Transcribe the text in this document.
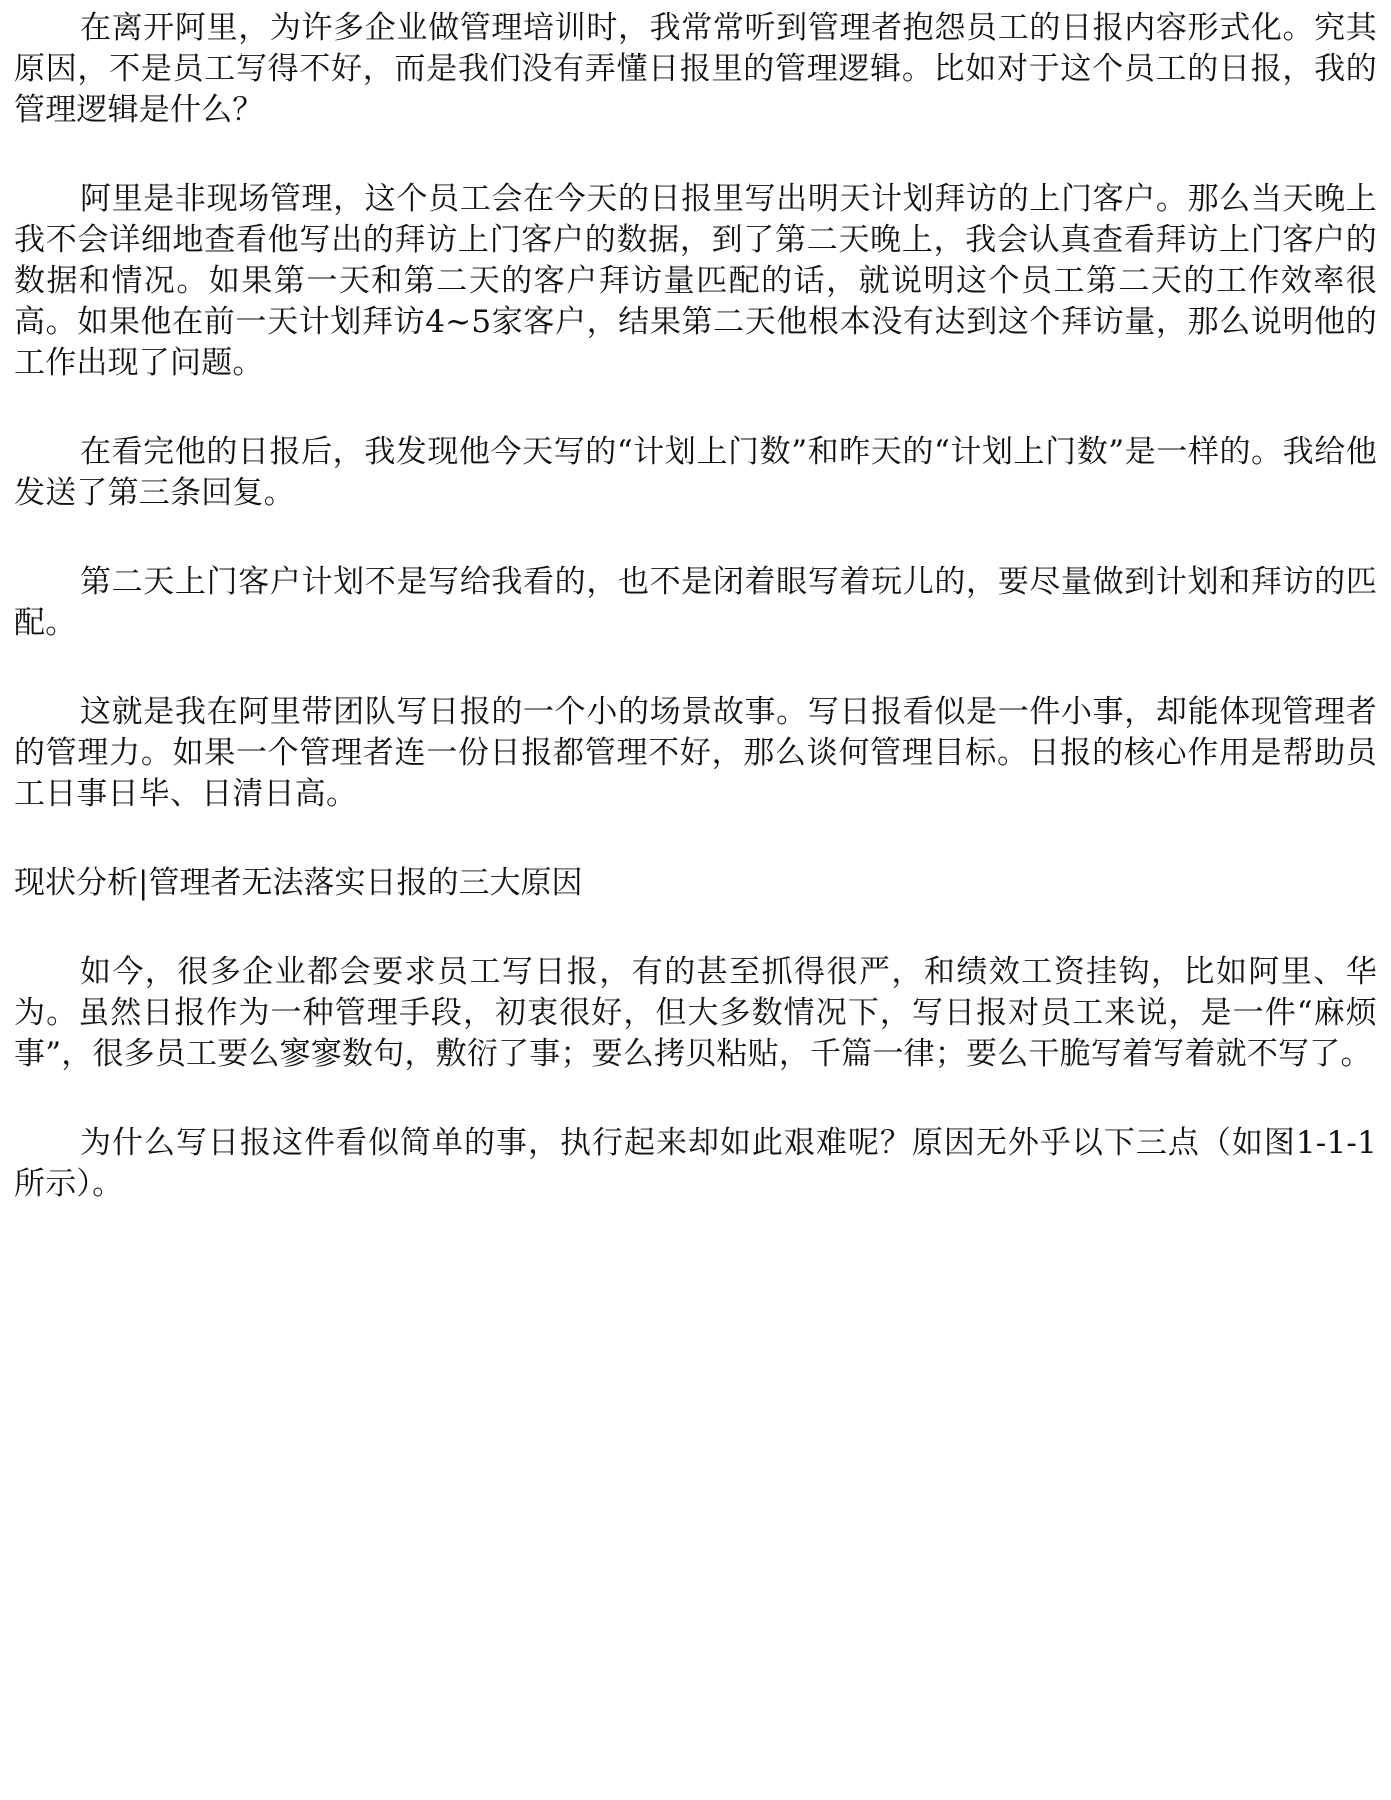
在离开阿里，为许多企业做管理培训时，我常常听到管理者抱怨员工的日报内容形式化。究其原因，不是员工写得不好，而是我们没有弄懂日报里的管理逻辑。比如对于这个员工的日报，我的管理逻辑是什么？

阿里是非现场管理，这个员工会在今天的日报里写出明天计划拜访的上门客户。那么当天晚上我不会详细地查看他写出的拜访上门客户的数据，到了第二天晚上，我会认真查看拜访上门客户的数据和情况。如果第一天和第二天的客户拜访量匹配的话，就说明这个员工第二天的工作效率很高。如果他在前一天计划拜访4~5家客户，结果第二天他根本没有达到这个拜访量，那么说明他的工作出现了问题。

在看完他的日报后，我发现他今天写的“计划上门数”和昨天的“计划上门数”是一样的。我给他发送了第三条回复。

第二天上门客户计划不是写给我看的，也不是闭着眼写着玩儿的，要尽量做到计划和拜访的匹配。

这就是我在阿里带团队写日报的一个小的场景故事。写日报看似是一件小事，却能体现管理者的管理力。如果一个管理者连一份日报都管理不好，那么谈何管理目标。日报的核心作用是帮助员工日事日毕、日清日高。

现状分析|管理者无法落实日报的三大原因

如今，很多企业都会要求员工写日报，有的甚至抓得很严，和绩效工资挂钩，比如阿里、华为。虽然日报作为一种管理手段，初衷很好，但大多数情况下，写日报对员工来说，是一件“麻烦事”，很多员工要么寥寥数句，敷衍了事；要么拷贝粘贴，千篇一律；要么干脆写着写着就不写了。

为什么写日报这件看似简单的事，执行起来却如此艰难呢？原因无外乎以下三点（如图1-1-1所示）。
